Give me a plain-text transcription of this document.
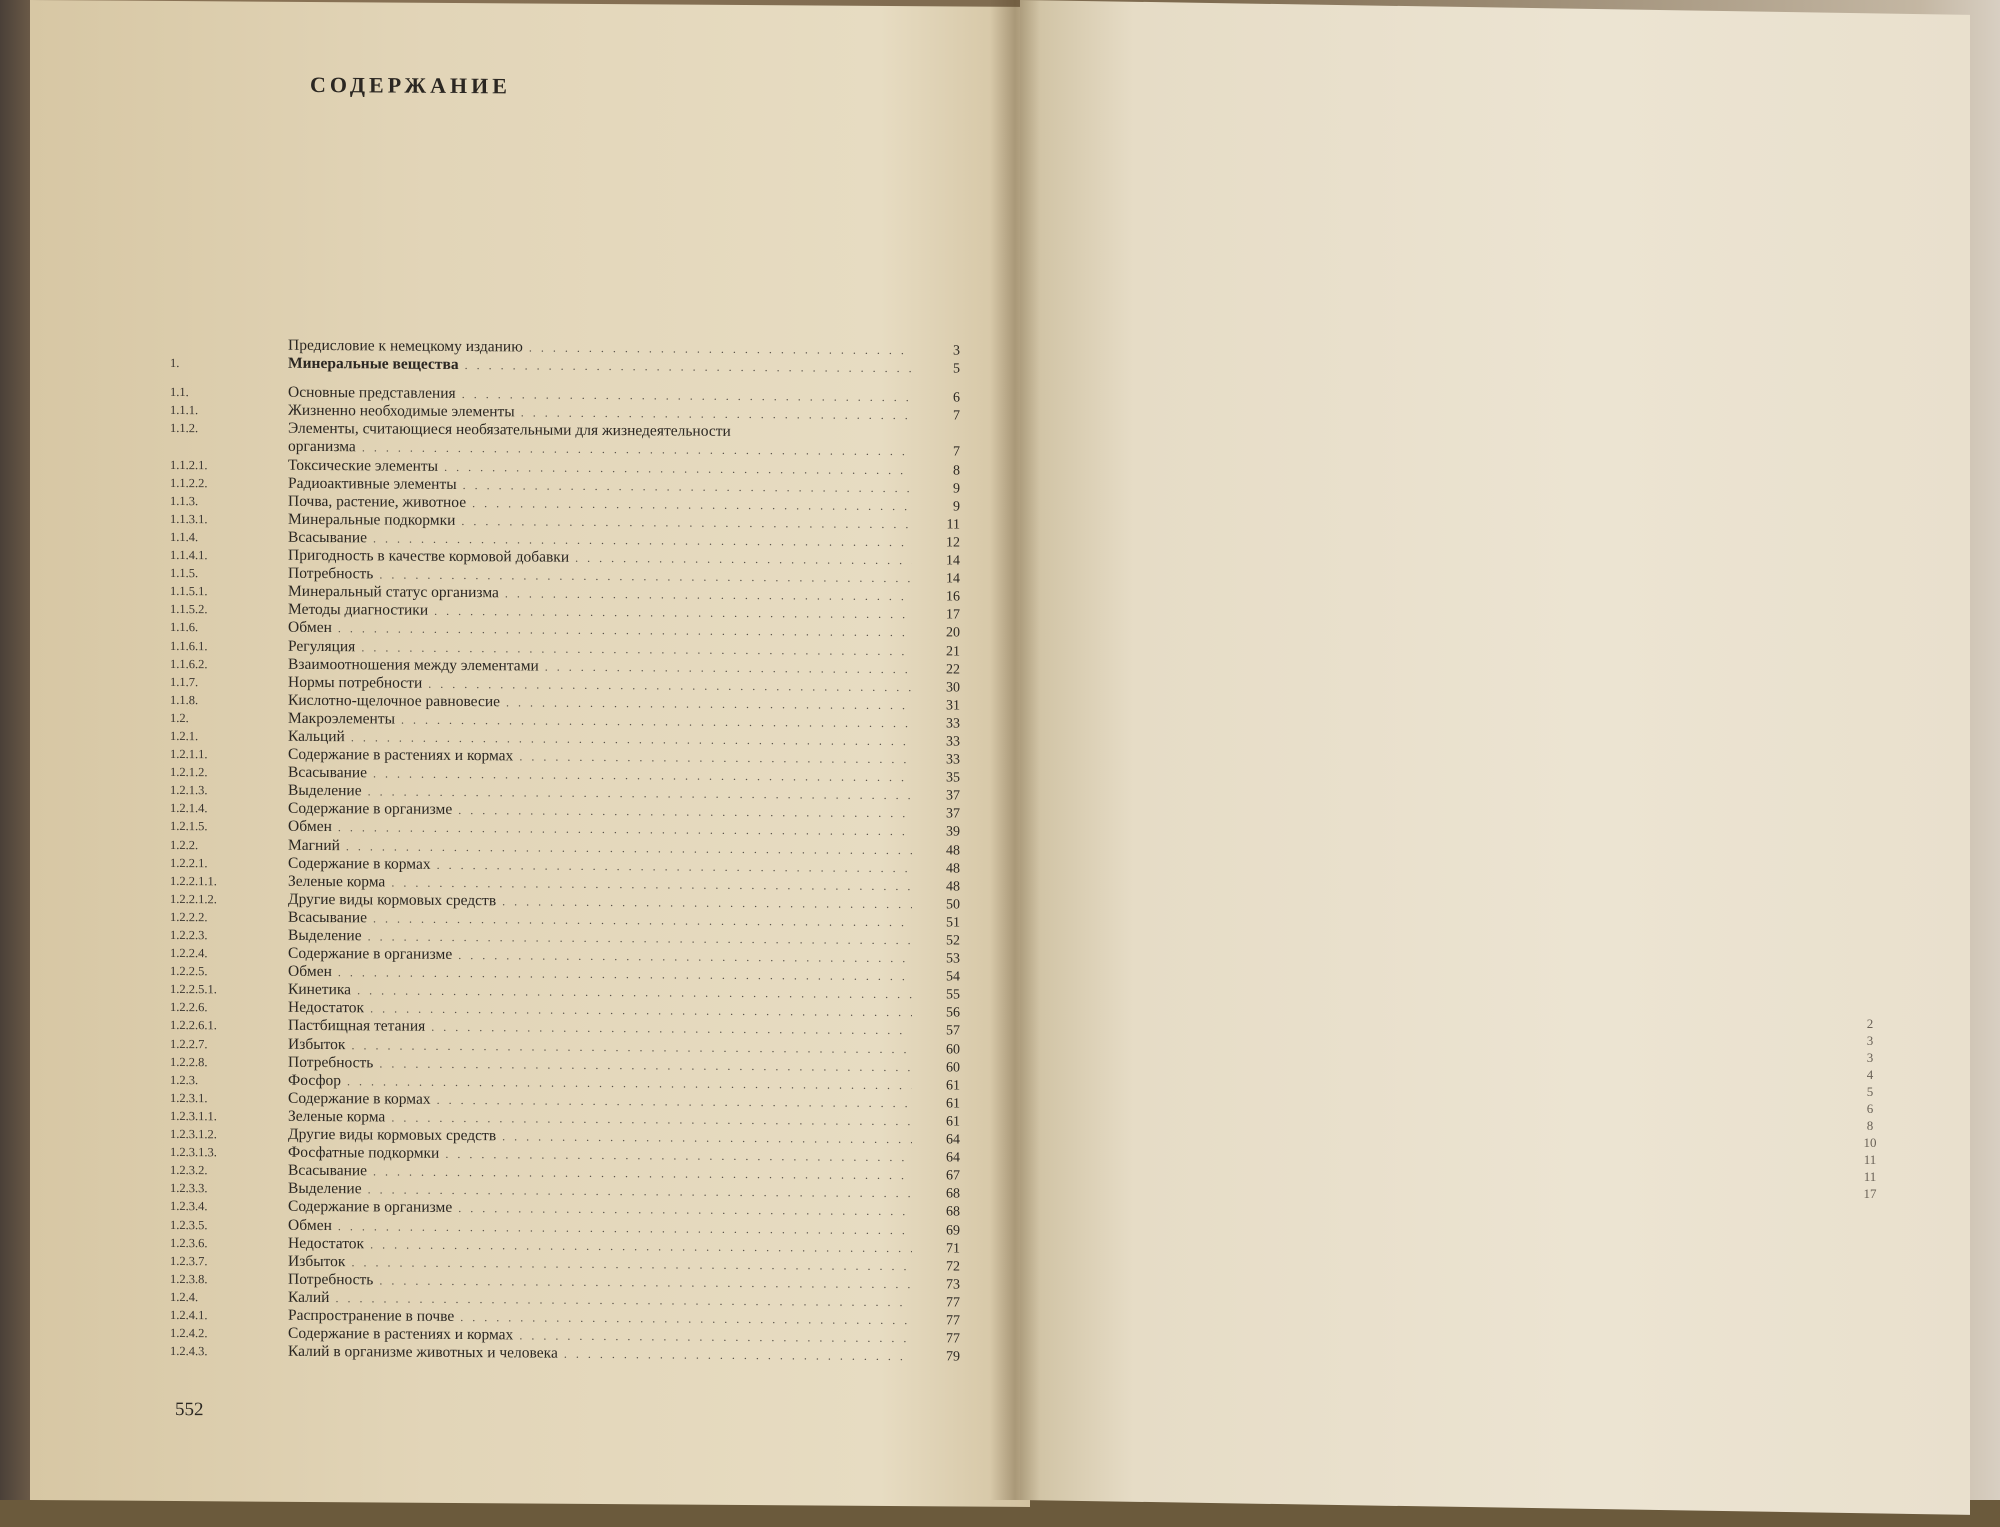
СОДЕРЖАНИЕ
Предисловие к немецкому изданию . . .	3
1.	Минеральные вещества . . .	5
1.1.	Основные представления . . .	6
1.1.1.	Жизненно необходимые элементы . . .	7
1.1.2.	Элементы, считающиеся необязательными для жизнедеятельности
организма . . .	7
1.1.2.1.	Токсические элементы . . .	8
1.1.2.2.	Радиоактивные элементы . . .	9
1.1.3.	Почва, растение, животное . . .	9
1.1.3.1.	Минеральные подкормки . . .	11
1.1.4.	Всасывание . . .	12
1.1.4.1.	Пригодность в качестве кормовой добавки . . .	14
1.1.5.	Потребность . . .	14
1.1.5.1.	Минеральный статус организма . . .	16
1.1.5.2.	Методы диагностики . . .	17
1.1.6.	Обмен . . .	20
1.1.6.1.	Регуляция . . .	21
1.1.6.2.	Взаимоотношения между элементами . . .	22
1.1.7.	Нормы потребности . . .	30
1.1.8.	Кислотно-щелочное равновесие . . .	31
1.2.	Макроэлементы . . .	33
1.2.1.	Кальций . . .	33
1.2.1.1.	Содержание в растениях и кормах . . .	33
1.2.1.2.	Всасывание . . .	35
1.2.1.3.	Выделение . . .	37
1.2.1.4.	Содержание в организме . . .	37
1.2.1.5.	Обмен . . .	39
1.2.2.	Магний . . .	48
1.2.2.1.	Содержание в кормах . . .	48
1.2.2.1.1.	Зеленые корма . . .	48
1.2.2.1.2.	Другие виды кормовых средств . . .	50
1.2.2.2.	Всасывание . . .	51
1.2.2.3.	Выделение . . .	52
1.2.2.4.	Содержание в организме . . .	53
1.2.2.5.	Обмен . . .	54
1.2.2.5.1.	Кинетика . . .	55
1.2.2.6.	Недостаток . . .	56
1.2.2.6.1.	Пастбищная тетания . . .	57
1.2.2.7.	Избыток . . .	60
1.2.2.8.	Потребность . . .	60
1.2.3.	Фосфор . . .	61
1.2.3.1.	Содержание в кормах . . .	61
1.2.3.1.1.	Зеленые корма . . .	61
1.2.3.1.2.	Другие виды кормовых средств . . .	64
1.2.3.1.3.	Фосфатные подкормки . . .	64
1.2.3.2.	Всасывание . . .	67
1.2.3.3.	Выделение . . .	68
1.2.3.4.	Содержание в организме . . .	68
1.2.3.5.	Обмен . . .	69
1.2.3.6.	Недостаток . . .	71
1.2.3.7.	Избыток . . .	72
1.2.3.8.	Потребность . . .	73
1.2.4.	Калий . . .	77
1.2.4.1.	Распространение в почве . . .	77
1.2.4.2.	Содержание в растениях и кормах . . .	77
1.2.4.3.	Калий в организме животных и человека . . .	79
552
2
3
3
4
5
6
8
10
11
11
17
